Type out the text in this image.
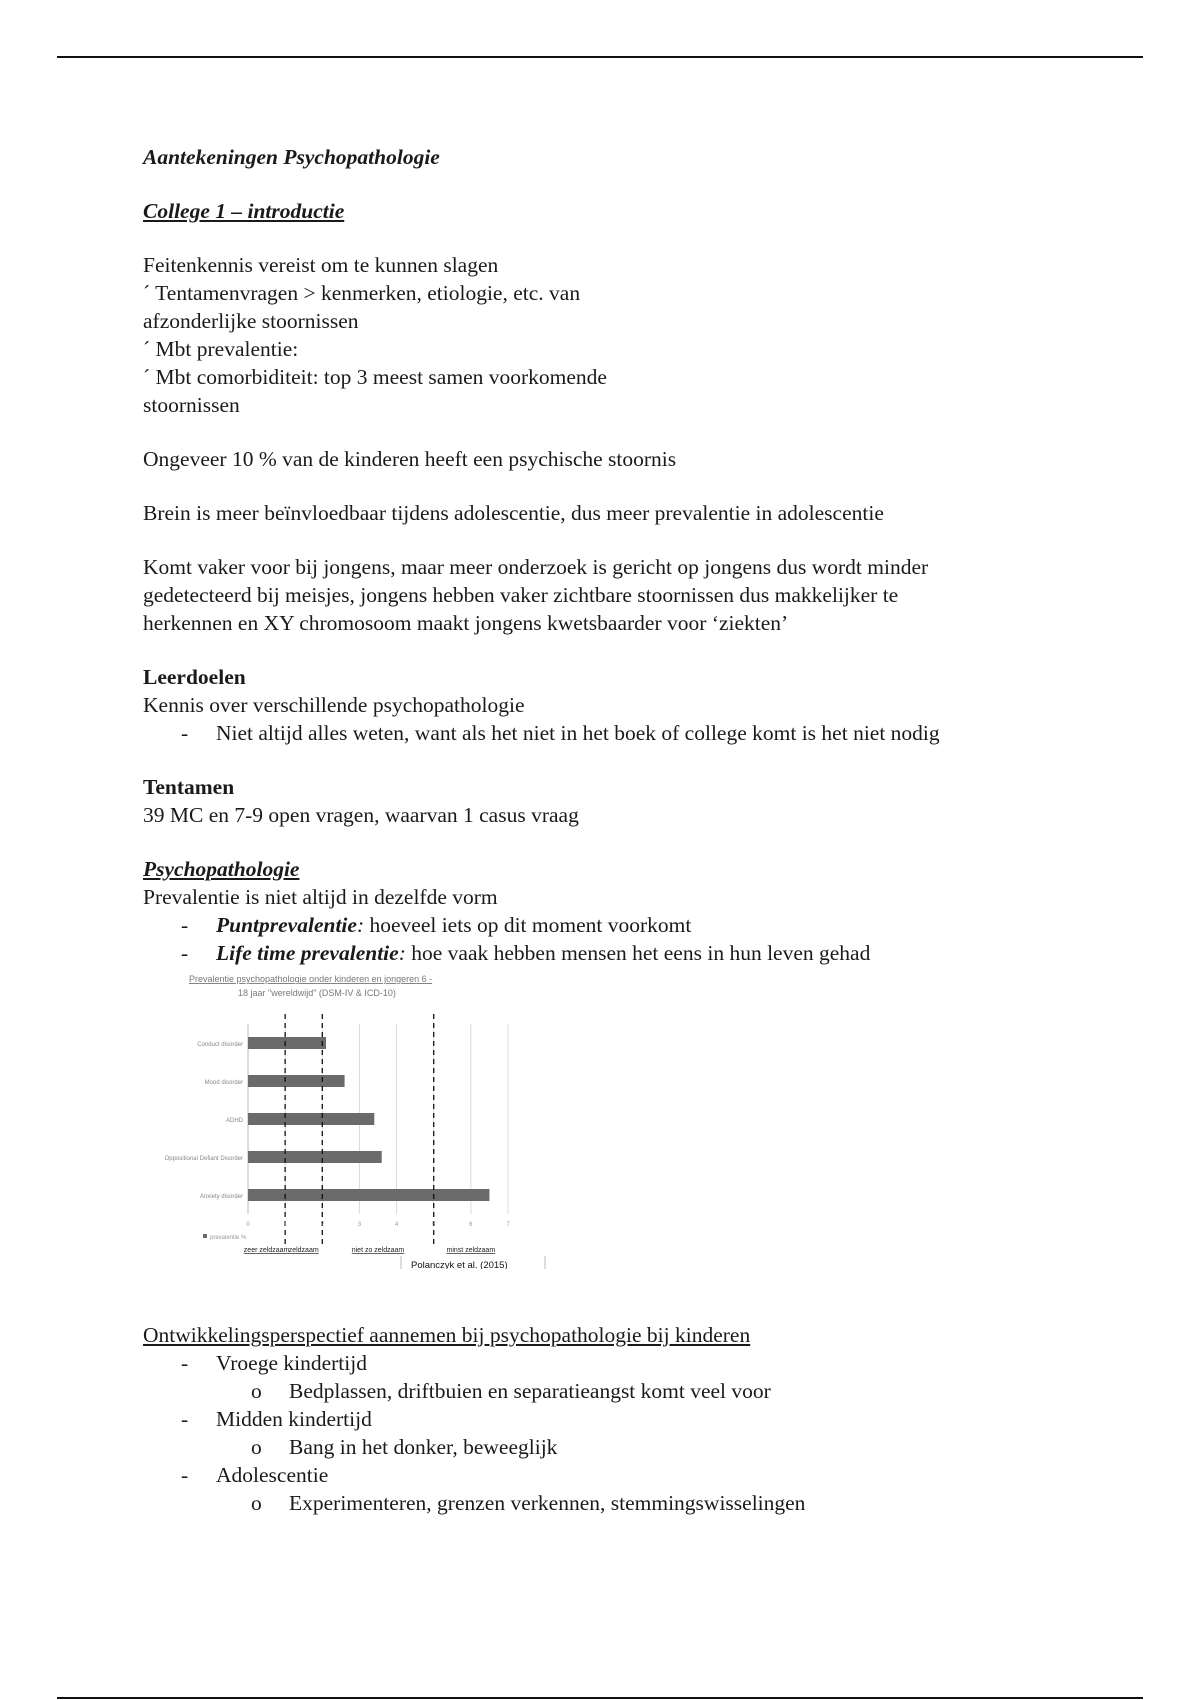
Aantekeningen Psychopathologie

College 1 – introductie

Feitenkennis vereist om te kunnen slagen

´ Tentamenvragen > kenmerken, etiologie, etc. van

afzonderlijke stoornissen

´ Mbt prevalentie:

´ Mbt comorbiditeit: top 3 meest samen voorkomende

stoornissen

Ongeveer 10 % van de kinderen heeft een psychische stoornis

Brein is meer beïnvloedbaar tijdens adolescentie, dus meer prevalentie in adolescentie

Komt vaker voor bij jongens, maar meer onderzoek is gericht op jongens dus wordt minder

gedetecteerd bij meisjes, jongens hebben vaker zichtbare stoornissen dus makkelijker te

herkennen en XY chromosoom maakt jongens kwetsbaarder voor ‘ziekten’

Leerdoelen

Kennis over verschillende psychopathologie

- Niet altijd alles weten, want als het niet in het boek of college komt is het niet nodig

Tentamen

39 MC en 7-9 open vragen, waarvan 1 casus vraag

Psychopathologie

Prevalentie is niet altijd in dezelfde vorm

- Puntprevalentie: hoeveel iets op dit moment voorkomt
- Life time prevalentie: hoe vaak hebben mensen het eens in hun leven gehad
Prevalentie psychopathologie onder kinderen en jongeren 6 -
18 jaar "wereldwijd" (DSM-IV & ICD-10)
Conduct disorder
Mood disorder
ADHD
Oppositional Defiant Disorder
Anxiety disorder
0	1	2	3	4	5	6	7
prevalentie %
zeer zeldzaam zeldzaam	niet zo zeldzaam	minst zeldzaam
Polanczyk et al. (2015)

Ontwikkelingsperspectief aannemen bij psychopathologie bij kinderen

- Vroege kindertijd
o Bedplassen, driftbuien en separatieangst komt veel voor
- Midden kindertijd
o Bang in het donker, beweeglijk
- Adolescentie
o Experimenteren, grenzen verkennen, stemmingswisselingen
